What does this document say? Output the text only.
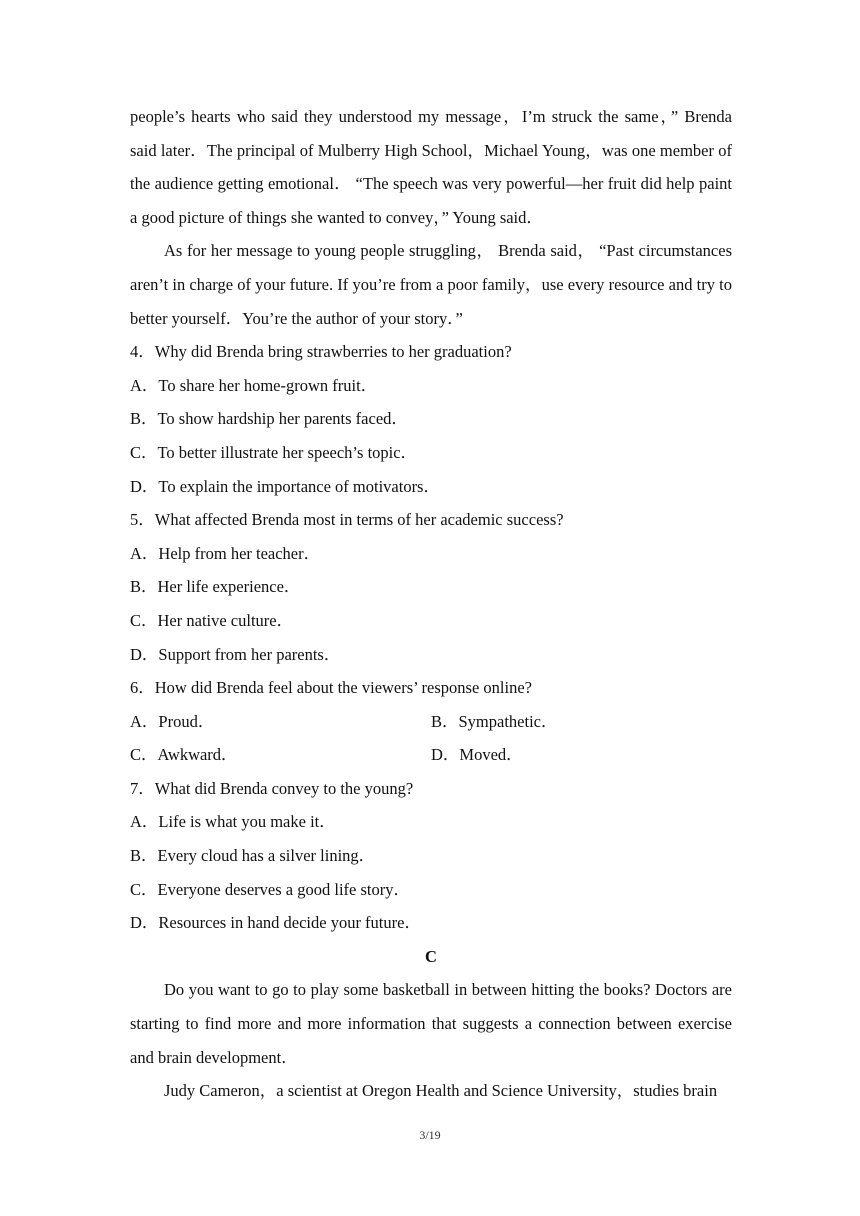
people’s hearts who said they understood my message，I’m struck the same，” Brenda said later．The principal of Mulberry High School，Michael Young，was one member of the audience getting emotional． “The speech was very powerful—her fruit did help paint a good picture of things she wanted to convey，” Young said．

As for her message to young people struggling， Brenda said， “Past circumstances aren’t in charge of your future. If you’re from a poor family，use every resource and try to better yourself．You’re the author of your story．”

4．Why did Brenda bring strawberries to her graduation?

A．To share her home-grown fruit．

B．To show hardship her parents faced．

C．To better illustrate her speech’s topic．

D．To explain the importance of motivators．

5．What affected Brenda most in terms of her academic success?

A．Help from her teacher．

B．Her life experience．

C．Her native culture．

D．Support from her parents．

6．How did Brenda feel about the viewers’ response online?

A．Proud．	B．Sympathetic．

C．Awkward．	D．Moved．

7．What did Brenda convey to the young?

A．Life is what you make it．

B．Every cloud has a silver lining．

C．Everyone deserves a good life story．

D．Resources in hand decide your future．

C

Do you want to go to play some basketball in between hitting the books? Doctors are starting to find more and more information that suggests a connection between exercise and brain development．

Judy Cameron，a scientist at Oregon Health and Science University，studies brain

3/19
